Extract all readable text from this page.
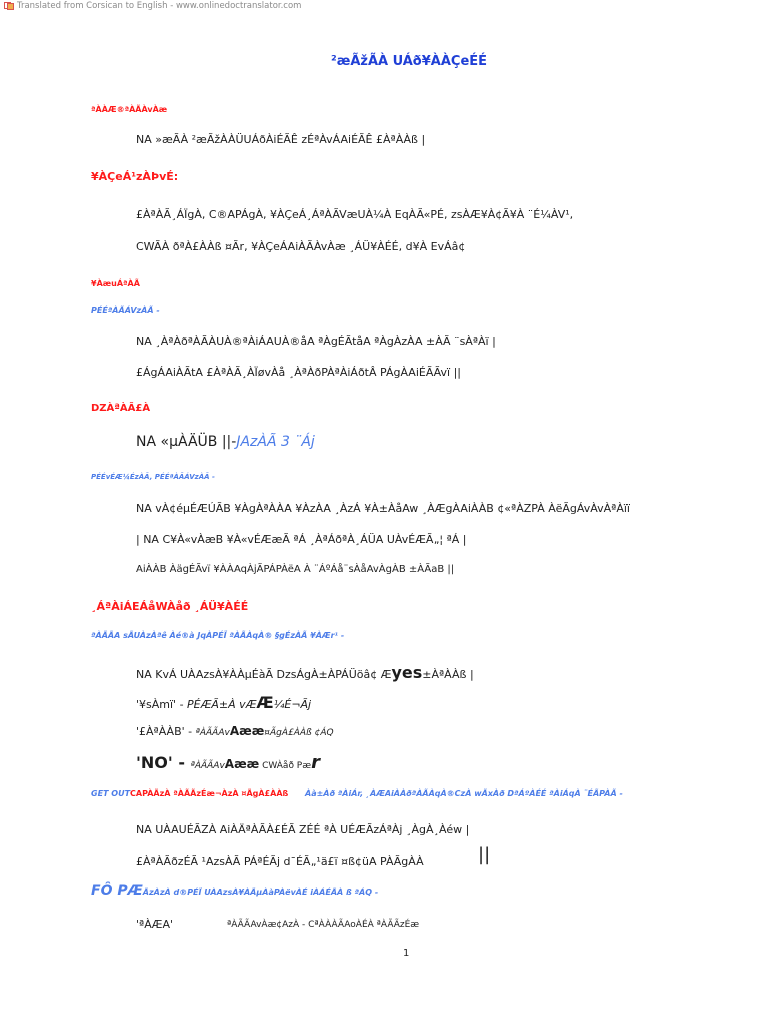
Translated from Corsican to English - www.onlinedoctranslator.com
²æÃžÃÀ UÁð¥ÀÀÇeÉÉ
ªÀÀÆ®ªÀÃÀvÀæ
NA »æÃÀ ²æÃžÀÀÜUÁðÀiÉÃÊ zÉªÀvÁAiÉÃÊ £ÀªÀÀß |
¥ÀÇeÁ¹zÀÞvÉ:
£ÀªÀÃ¸ÁÏgÀ, C®APÁgÀ, ¥ÀÇeÁ¸ÁªÀÃVæUÀ¼À EqÀÃ«PÉ, zsÀÆ¥À¢Ã¥À ¨É¼ÀV¹,
CWÃÀ ðªÀ£ÀÀß ¤Ãr, ¥ÀÇeÁAiÀÃÀvÀæ ¸ÁÜ¥ÀÉÉ, d¥À EvÁâ¢
¥ÀæuÁªÀÃ
PÉÉªÀÃÁVzÀÃ -
NA ¸ÀªÀðªÀÃÀUÀ®ªÀiÁAUÀ®åA ªÀgÉÃtåA ªÀgÀzÀA ±ÀÃ ¨sÀªÀï |
£ÁgÁAiÀÃtA £ÀªÀÃ¸ÀÏøvÀå ¸ÀªÀðPÀªÀiÁðtÂ PÁgÀAiÉÃÃvï ||
DZÀªÀÃ£À
NA «µÀÄÜB ||-JAzÀÃ 3 ¨Áj
PÉÉvÉÆ¼ÉzÀÃ, PÉÉªÀÃÁVzÀÃ -
NA vÀ¢éµÉÆÚÃB ¥ÀgÀªÀÀA ¥ÀzÀA ¸ÀzÁ ¥À±ÀåAw ¸ÀÆgÀAiÀÀB ¢«ªÀZPÀ ÀëÃgÁvÀvÀªÀïï
| NA C¥À«vÀæB ¥À«vÉÆæÃ ªÁ ¸ÀªÁðªÀ¸ÁÜA UÀvÉÆÃ„¦ ªÁ |
AiÀÀB ÀägÉÃvï ¥ÀÀAqÀjÃPÁPÀëA À ¨ÁºÁå¨sÀåAvÀgÀB ±ÀÃaB ||
¸ÁªÀiÁEÁåWÀåð ¸ÁÜ¥ÀÉÉ
ªÀÃÃA sÃUÀzÀªê Àé®à JqÀPÉÏ ªÀÃÀqÀ® §gÉzÀÃ ¥ÀÆr¹ -
NA KvÁ UÀAzsÀ¥ÀÀµÉàÃ DzsÁgÀ±ÀPÁÜöâ¢ Æyes±ÀªÀÀß |
'¥sÀmï' - PÉÆÃ±À vÆÆ¼É¬Ãj
'£ÀªÀÀB' - ªÀÃÃAvAææ¤ÃgÀ£ÀÀß ¢ÁQ
'NO' - ªÀÃÃAvAææ CWÀåð Pær
GET OUTCAPÀÃzÀ ªÀÃÃzÉæ¬ÀzÀ ¤ÃgÀ£ÀÀß Àà±Àð ªÀiÁr, ¸ÀÆAiÀÀðªÀÃÀqÀ®CzÀ wÃxÀð DªÁºÀÉÉ ªÀiÁqÀ ¨ÉÃPÀÃ -
NA UÀAUÉÃZÀ AiÀÄªÀÃÀ£ÉÃ ZÉÉ ªÀ UÉÆÃzÁªÀj ¸ÀgÀ¸Àéw |
£ÀªÀÃðzÉÃ ¹AzsÀÃ PÁªÉÃj d¯ÉÃ„¹ä£ï ¤ß¢üA PÀÃgÀÀ	||
FÔ PÆÃzÀzÀ d®PÉÏ UÀAzsÀ¥ÀÄµÀàPÀëvÀÉ iÀÁÉÃÀ ß ªÁQ -
'ªÀÆA'	ªÀÃÃAvÀæ¢AzÀ - CªÀÀÀÃAoÀÉÀ ªÀÃÃzÉæ
1
